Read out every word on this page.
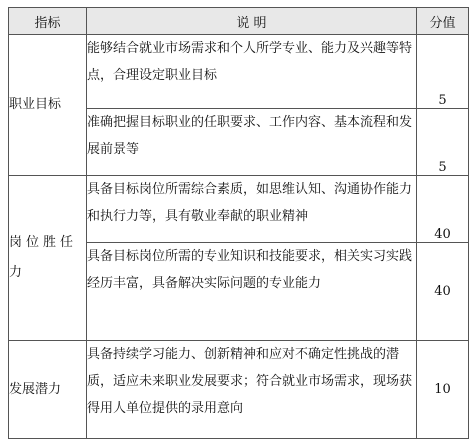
指标	说 明	分值
职业目标	能够结合就业市场需求和个人所学专业、能力及兴趣等特点，合理设定职业目标	5
	准确把握目标职业的任职要求、工作内容、基本流程和发展前景等	5
岗位胜任力	具备目标岗位所需综合素质，如思维认知、沟通协作能力和执行力等，具有敬业奉献的职业精神	40
	具备目标岗位所需的专业知识和技能要求，相关实习实践经历丰富，具备解决实际问题的专业能力	40
发展潜力	具备持续学习能力、创新精神和应对不确定性挑战的潜质，适应未来职业发展要求；符合就业市场需求，现场获得用人单位提供的录用意向	10
